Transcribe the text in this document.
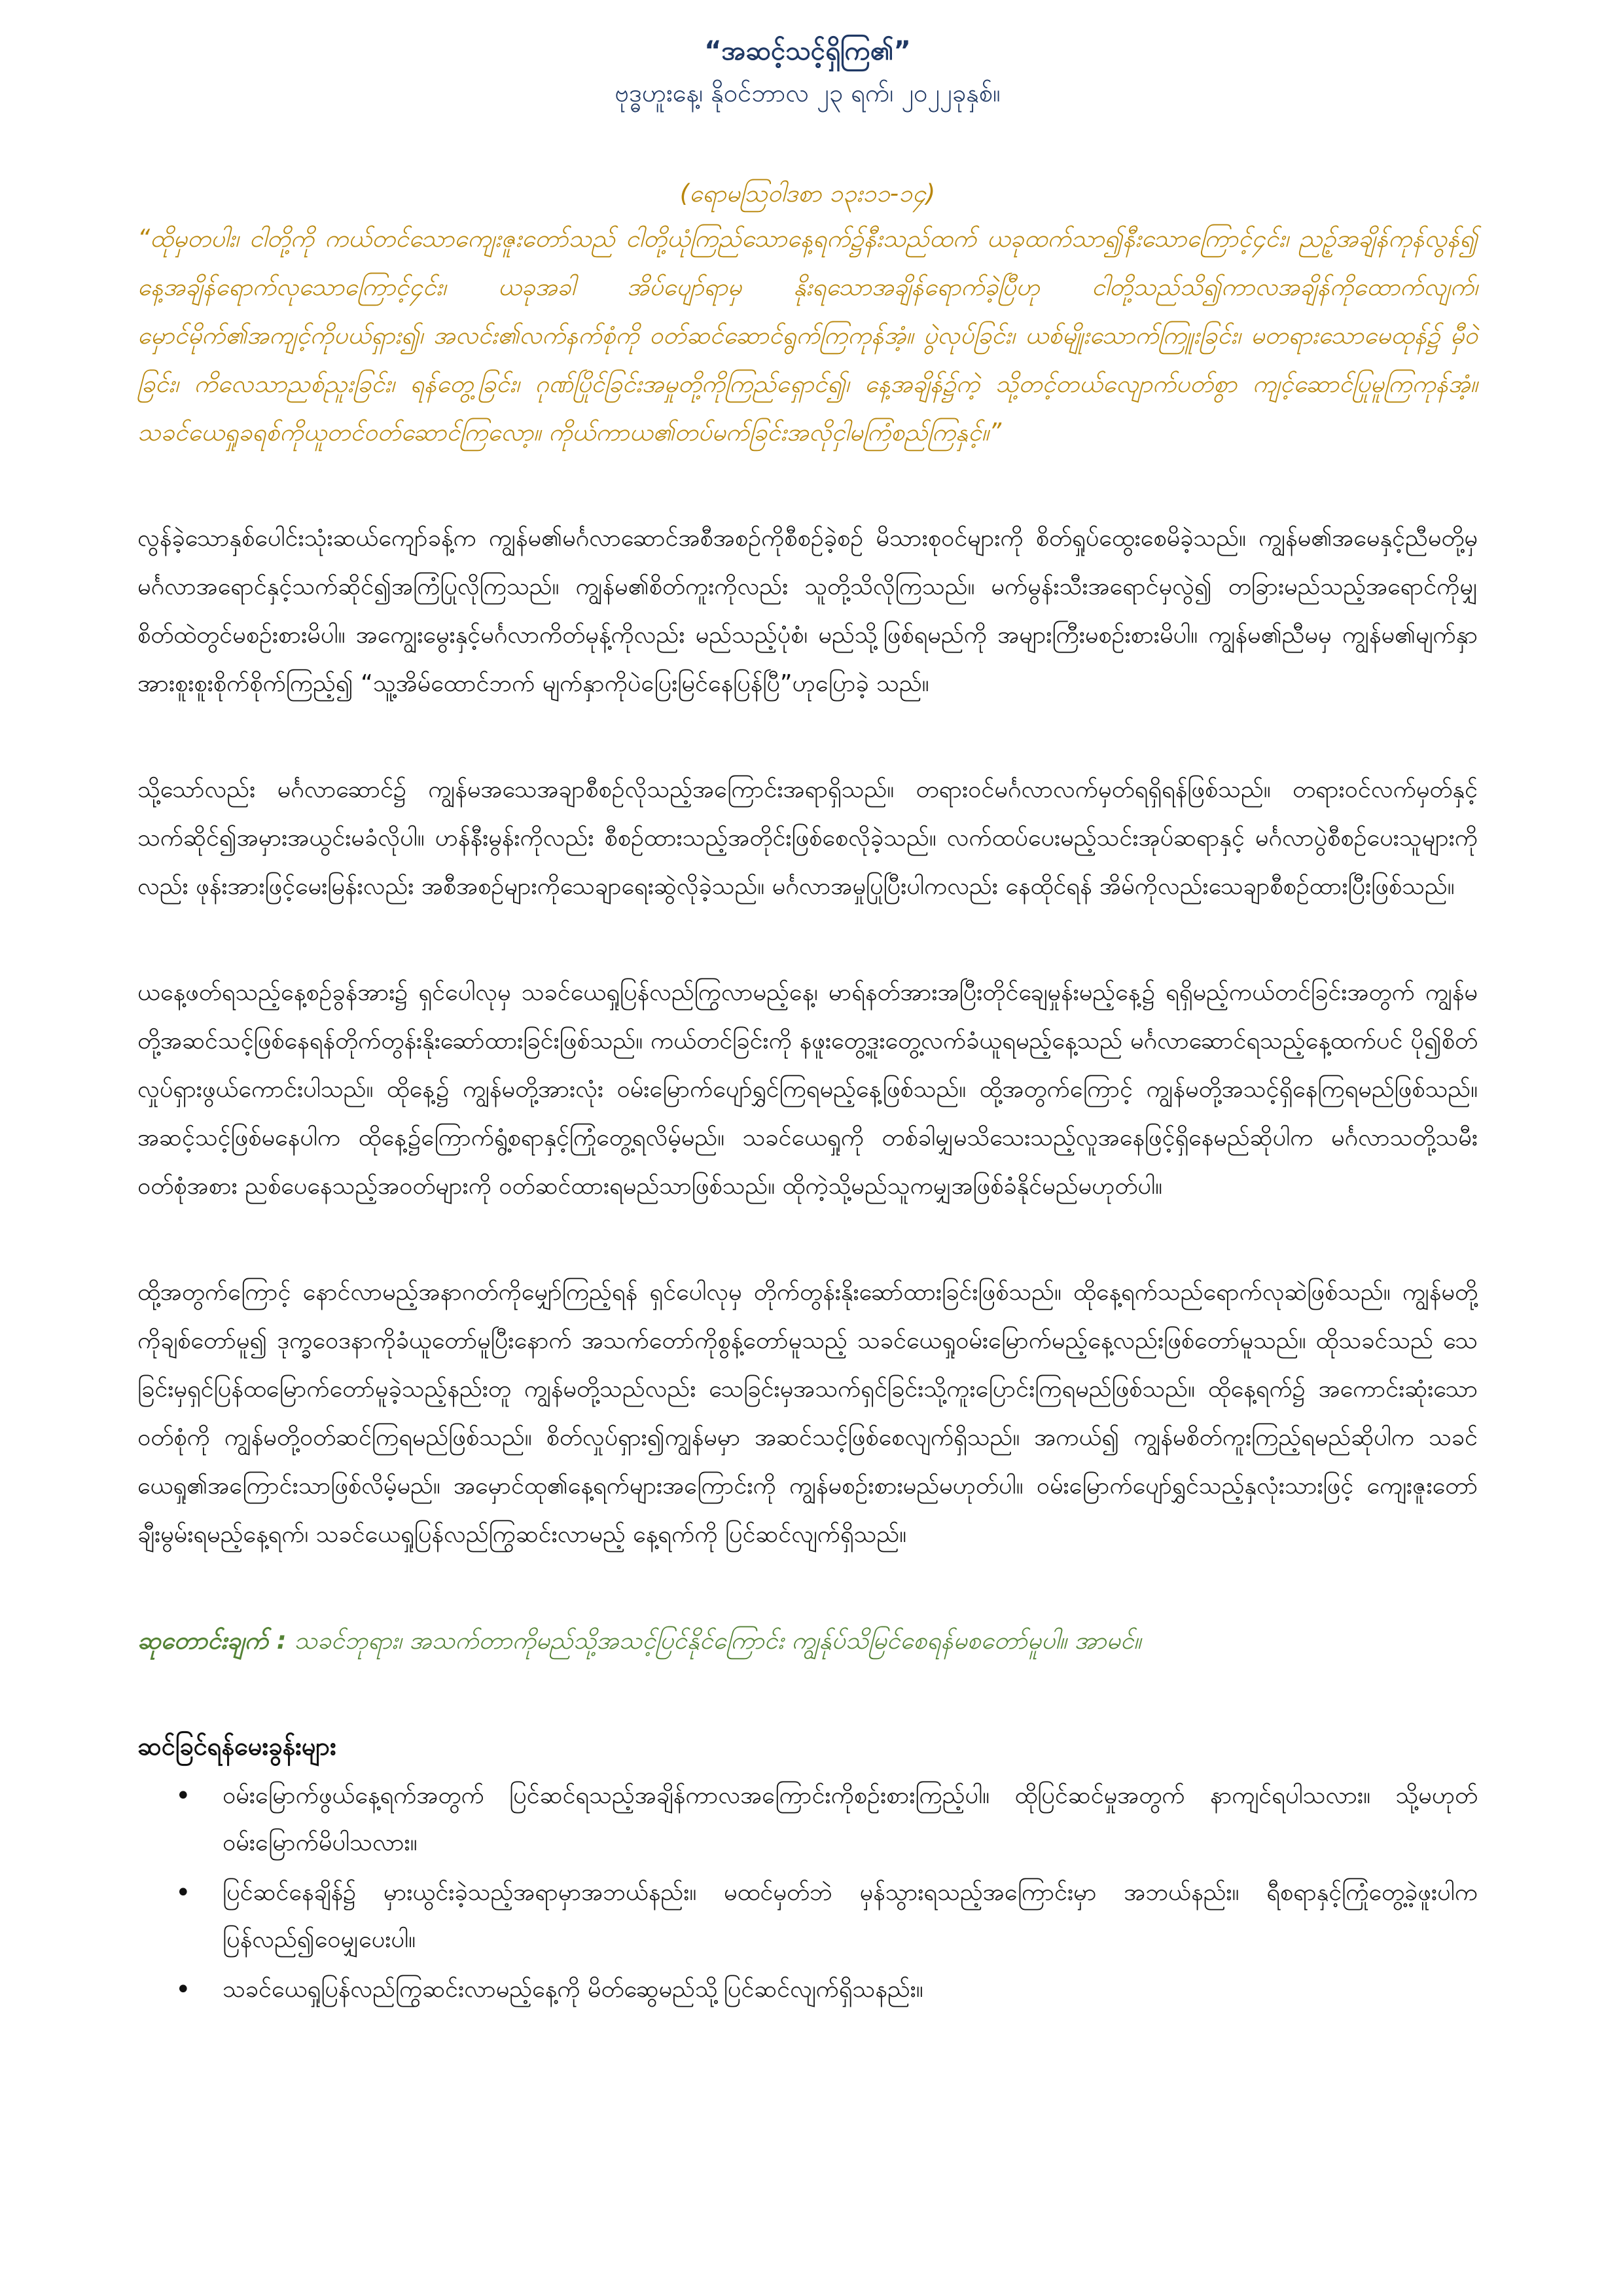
“အဆင့်သင့်ရှိကြ၏”
ဗုဒ္ဓဟူးနေ့၊ နိုဝင်ဘာလ ၂၃ ရက်၊ ၂၀၂၂ခုနှစ်။
(ရောမသြဝါဒစာ ၁၃း၁၁-၁၄)

“ထိုမှတပါး၊ ငါတို့ကို ကယ်တင်သောကျေးဇူးတော်သည် ငါတို့ယုံကြည်သောနေ့ရက်၌နီးသည်ထက် ယခုထက်သာ၍နီးသောကြောင့်၄င်း၊ ညဉ့်အချိန်ကုန်လွန်၍ နေ့အချိန်ရောက်လုသောကြောင့်၄င်း၊ ယခုအခါ အိပ်ပျော်ရာမှ နိုးရသောအချိန်ရောက်ခဲ့ပြီဟု ငါတို့သည်သိ၍ကာလအချိန်ကိုထောက်လျက်၊ မှောင်မိုက်၏အကျင့်ကိုပယ်ရှား၍၊ အလင်း၏လက်နက်စုံကို ဝတ်ဆင်ဆောင်ရွက်ကြကုန်အံ့။ ပွဲလုပ်ခြင်း၊ ယစ်မျိုးသောက်ကြူးခြင်း၊ မတရားသောမေထုန်၌ မှီဝဲခြင်း၊ ကိလေသာညစ်ညူးခြင်း၊ ရန်တွေ့ခြင်း၊ ဂုဏ်ပြိုင်ခြင်းအမှုတို့ကိုကြည်ရှောင်၍၊ နေ့အချိန်၌ကဲ့ သို့တင့်တယ်လျောက်ပတ်စွာ ကျင့်ဆောင်ပြုမူကြကုန်အံ့။ သခင်ယေရှုခရစ်ကိုယူတင်ဝတ်ဆောင်ကြလော့။ ကိုယ်ကာယ၏တပ်မက်ခြင်းအလိုငှါမကြံစည်ကြနှင့်။”

လွန်ခဲ့သောနှစ်ပေါင်းသုံးဆယ်ကျော်ခန့်က ကျွန်မ၏မင်္ဂလာဆောင်အစီအစဉ်ကိုစီစဉ်ခဲ့စဉ် မိသားစုဝင်များကို စိတ်ရှုပ်ထွေးစေမိခဲ့သည်။ ကျွန်မ၏အမေနှင့်ညီမတို့မှ မင်္ဂလာအရောင်နှင့်သက်ဆိုင်၍အကြံပြုလိုကြသည်။ ကျွန်မ၏စိတ်ကူးကိုလည်း သူတို့သိလိုကြသည်။ မက်မွန်းသီးအရောင်မှလွဲ၍ တခြားမည်သည့်အရောင်ကိုမျှ စိတ်ထဲတွင်မစဉ်းစားမိပါ။ အကျွေးမွေးနှင့်မင်္ဂလာကိတ်မုန့်ကိုလည်း မည်သည့်ပုံစံ၊ မည်သို့ဖြစ်ရမည်ကို အများကြီးမစဉ်းစားမိပါ။ ကျွန်မ၏ညီမမှ ကျွန်မ၏မျက်နှာအားစူးစူးစိုက်စိုက်ကြည့်၍ “သူ့အိမ်ထောင်ဘက် မျက်နှာကိုပဲပြေးမြင်နေပြန်ပြီ”ဟုပြောခဲ့ သည်။

သို့သော်လည်း မင်္ဂလာဆောင်၌ ကျွန်မအသေအချာစီစဉ်လိုသည့်အကြောင်းအရာရှိသည်။ တရားဝင်မင်္ဂလာလက်မှတ်ရရှိရန်ဖြစ်သည်။ တရားဝင်လက်မှတ်နှင့်သက်ဆိုင်၍အမှားအယွင်းမခံလိုပါ။ ဟန်နီးမွန်းကိုလည်း စီစဉ်ထားသည့်အတိုင်းဖြစ်စေလိုခဲ့သည်။ လက်ထပ်ပေးမည့်သင်းအုပ်ဆရာနှင့် မင်္ဂလာပွဲစီစဉ်ပေးသူများကိုလည်း ဖုန်းအားဖြင့်မေးမြန်းလည်း အစီအစဉ်များကိုသေချာရေးဆွဲလိုခဲ့သည်။ မင်္ဂလာအမှုပြုပြီးပါကလည်း နေထိုင်ရန် အိမ်ကိုလည်းသေချာစီစဉ်ထားပြီးဖြစ်သည်။

ယနေ့ဖတ်ရသည့်နေ့စဉ်ခွန်အား၌ ရှင်ပေါလုမှ သခင်ယေရှုပြန်လည်ကြွလာမည့်နေ့၊ မာရ်နတ်အားအပြီးတိုင်ချေမှုန်းမည့်နေ့၌ ရရှိမည့်ကယ်တင်ခြင်းအတွက် ကျွန်မတို့အဆင်သင့်ဖြစ်နေရန်တိုက်တွန်းနိုးဆော်ထားခြင်းဖြစ်သည်။ ကယ်တင်ခြင်းကို နဖူးတွေ့ဒူးတွေ့လက်ခံယူရမည့်နေ့သည် မင်္ဂလာဆောင်ရသည့်နေ့ထက်ပင် ပို၍စိတ်လှုပ်ရှားဖွယ်ကောင်းပါသည်။ ထိုနေ့၌ ကျွန်မတို့အားလုံး ဝမ်းမြောက်ပျော်ရွှင်ကြရမည့်နေ့ဖြစ်သည်။ ထို့အတွက်ကြောင့် ကျွန်မတို့အသင့်ရှိနေကြရမည်ဖြစ်သည်။ အဆင့်သင့်ဖြစ်မနေပါက ထိုနေ့၌ကြောက်ရွံ့စရာနှင့်ကြုံတွေ့ရလိမ့်မည်။ သခင်ယေရှုကို တစ်ခါမျှမသိသေးသည့်လူအနေဖြင့်ရှိနေမည်ဆိုပါက မင်္ဂလာသတို့သမီးဝတ်စုံအစား ညစ်ပေနေသည့်အဝတ်များကို ဝတ်ဆင်ထားရမည်သာဖြစ်သည်။ ထိုကဲ့သို့မည်သူကမျှအဖြစ်ခံနိုင်မည်မဟုတ်ပါ။

ထို့အတွက်ကြောင့် နောင်လာမည့်အနာဂတ်ကိုမျှော်ကြည့်ရန် ရှင်ပေါလုမှ တိုက်တွန်းနိုးဆော်ထားခြင်းဖြစ်သည်။ ထိုနေ့ရက်သည်ရောက်လုဆဲဖြစ်သည်။ ကျွန်မတို့ကိုချစ်တော်မူ၍ ဒုက္ခဝေဒနာကိုခံယူတော်မူပြီးနောက် အသက်တော်ကိုစွန့်တော်မူသည့် သခင်ယေရှုဝမ်းမြောက်မည့်နေ့လည်းဖြစ်တော်မူသည်။ ထိုသခင်သည် သေခြင်းမှရှင်ပြန်ထမြောက်တော်မူခဲ့သည့်နည်းတူ ကျွန်မတို့သည်လည်း သေခြင်းမှအသက်ရှင်ခြင်းသို့ကူးပြောင်းကြရမည်ဖြစ်သည်။ ထိုနေ့ရက်၌ အကောင်းဆုံးသောဝတ်စုံကို ကျွန်မတို့ဝတ်ဆင်ကြရမည်ဖြစ်သည်။ စိတ်လှုပ်ရှား၍ကျွန်မမှာ အဆင်သင့်ဖြစ်စေလျက်ရှိသည်။ အကယ်၍ ကျွန်မစိတ်ကူးကြည့်ရမည်ဆိုပါက သခင်ယေရှု၏အကြောင်းသာဖြစ်လိမ့်မည်။ အမှောင်ထု၏နေ့ရက်များအကြောင်းကို ကျွန်မစဉ်းစားမည်မဟုတ်ပါ။ ဝမ်းမြောက်ပျော်ရွှင်သည့်နှလုံးသားဖြင့် ကျေးဇူးတော်ချီးမွမ်းရမည့်နေ့ရက်၊ သခင်ယေရှုပြန်လည်ကြွဆင်းလာမည့် နေ့ရက်ကို ပြင်ဆင်လျက်ရှိသည်။

ဆုတောင်းချက် : သခင်ဘုရား၊ အသက်တာကိုမည်သို့အသင့်ပြင်နိုင်ကြောင်း ကျွန်ုပ်သိမြင်စေရန်မစတော်မူပါ။ အာမင်။

ဆင်ခြင်ရန်မေးခွန်းများ
• ဝမ်းမြောက်ဖွယ်နေ့ရက်အတွက် ပြင်ဆင်ရသည့်အချိန်ကာလအကြောင်းကိုစဉ်းစားကြည့်ပါ။ ထိုပြင်ဆင်မှုအတွက် နာကျင်ရပါသလား။ သို့မဟုတ် ဝမ်းမြောက်မိပါသလား။
• ပြင်ဆင်နေချိန်၌ မှားယွင်းခဲ့သည့်အရာမှာအဘယ်နည်း။ မထင်မှတ်ဘဲ မှန်သွားရသည့်အကြောင်းမှာ အဘယ်နည်း။ ရီစရာနှင့်ကြုံတွေ့ခဲ့ဖူးပါက ပြန်လည်၍ဝေမျှပေးပါ။
• သခင်ယေရှုပြန်လည်ကြွဆင်းလာမည့်နေ့ကို မိတ်ဆွေမည်သို့ပြင်ဆင်လျက်ရှိသနည်း။
